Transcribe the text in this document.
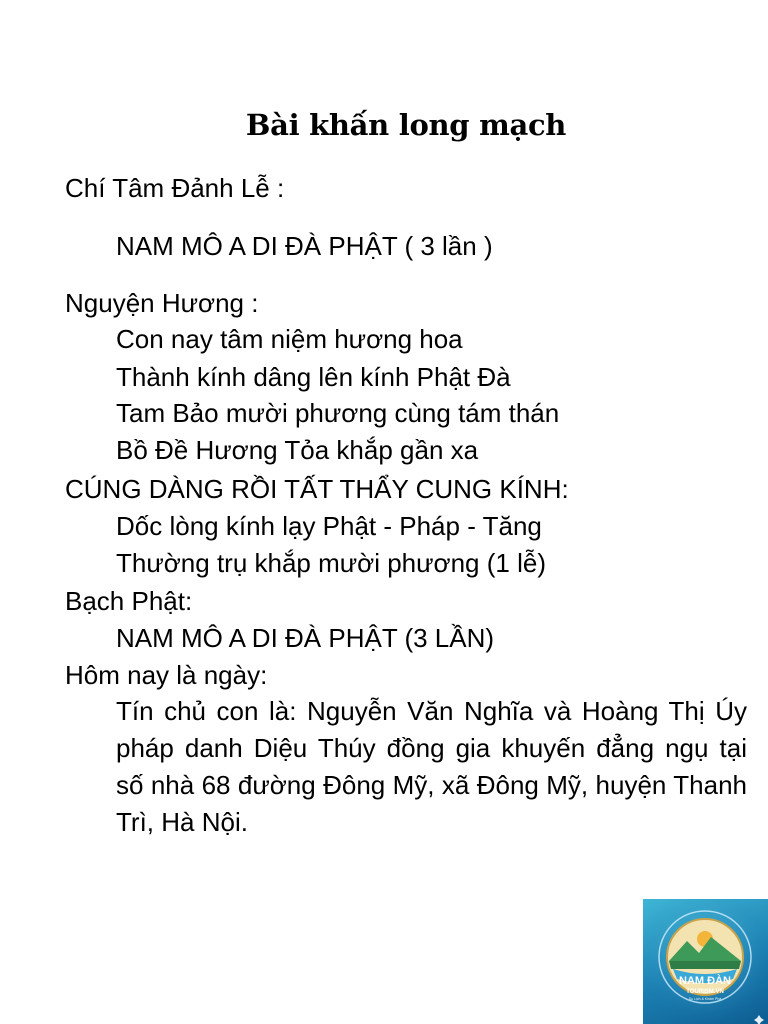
Bài khấn long mạch
Chí Tâm Đảnh Lễ :
NAM MÔ A DI ĐÀ PHẬT ( 3 lần )
Nguyện Hương :
Con nay tâm niệm hương hoa
Thành kính dâng lên kính Phật Đà
Tam Bảo mười phương cùng tám thán
Bồ Đề Hương Tỏa khắp gần xa
CÚNG DÀNG RỒI TẤT THẨY CUNG KÍNH:
Dốc lòng kính lạy Phật - Pháp - Tăng
Thường trụ khắp mười phương (1 lễ)
Bạch Phật:
NAM MÔ A DI ĐÀ PHẬT (3 LẦN)
Hôm nay là ngày:
Tín chủ con là: Nguyễn Văn Nghĩa và Hoàng Thị Úy pháp danh Diệu Thúy đồng gia khuyến đẳng ngụ tại số nhà 68 đường Đông Mỹ, xã Đông Mỹ, huyện Thanh Trì, Hà Nội.
NAM ĐÀN
TOURISM.VN
Du Lịch & Khám Phá
